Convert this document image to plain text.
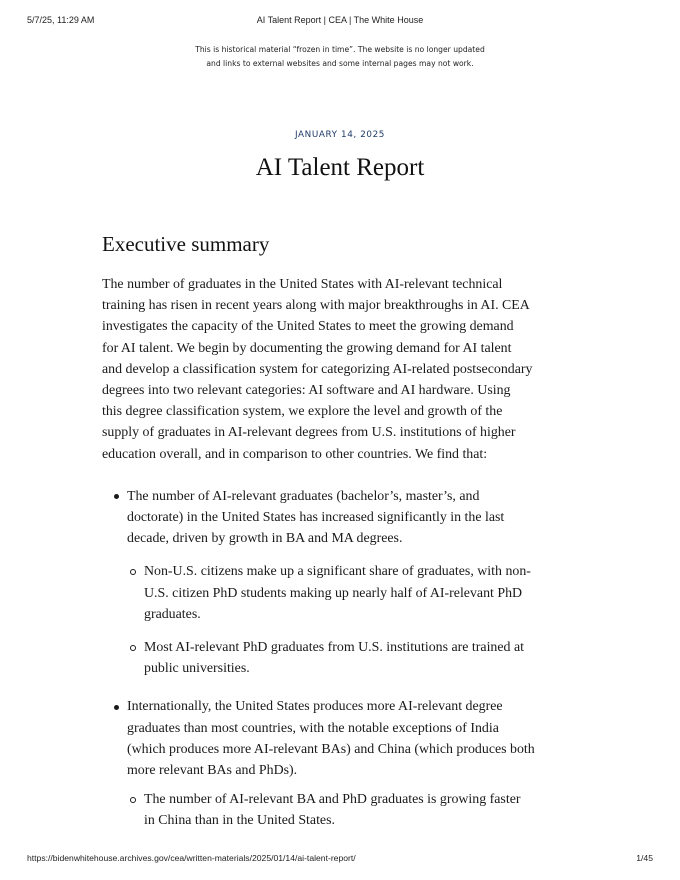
5/7/25, 11:29 AM	AI Talent Report | CEA | The White House
This is historical material “frozen in time”. The website is no longer updated
and links to external websites and some internal pages may not work.
JANUARY 14, 2025
AI Talent Report
Executive summary
The number of graduates in the United States with AI-relevant technical
training has risen in recent years along with major breakthroughs in AI. CEA
investigates the capacity of the United States to meet the growing demand
for AI talent. We begin by documenting the growing demand for AI talent
and develop a classification system for categorizing AI-related postsecondary
degrees into two relevant categories: AI software and AI hardware. Using
this degree classification system, we explore the level and growth of the
supply of graduates in AI-relevant degrees from U.S. institutions of higher
education overall, and in comparison to other countries. We find that:
The number of AI-relevant graduates (bachelor’s, master’s, and
doctorate) in the United States has increased significantly in the last
decade, driven by growth in BA and MA degrees.
Non-U.S. citizens make up a significant share of graduates, with non-
U.S. citizen PhD students making up nearly half of AI-relevant PhD
graduates.
Most AI-relevant PhD graduates from U.S. institutions are trained at
public universities.
Internationally, the United States produces more AI-relevant degree
graduates than most countries, with the notable exceptions of India
(which produces more AI-relevant BAs) and China (which produces both
more relevant BAs and PhDs).
The number of AI-relevant BA and PhD graduates is growing faster
in China than in the United States.
https://bidenwhitehouse.archives.gov/cea/written-materials/2025/01/14/ai-talent-report/	1/45
